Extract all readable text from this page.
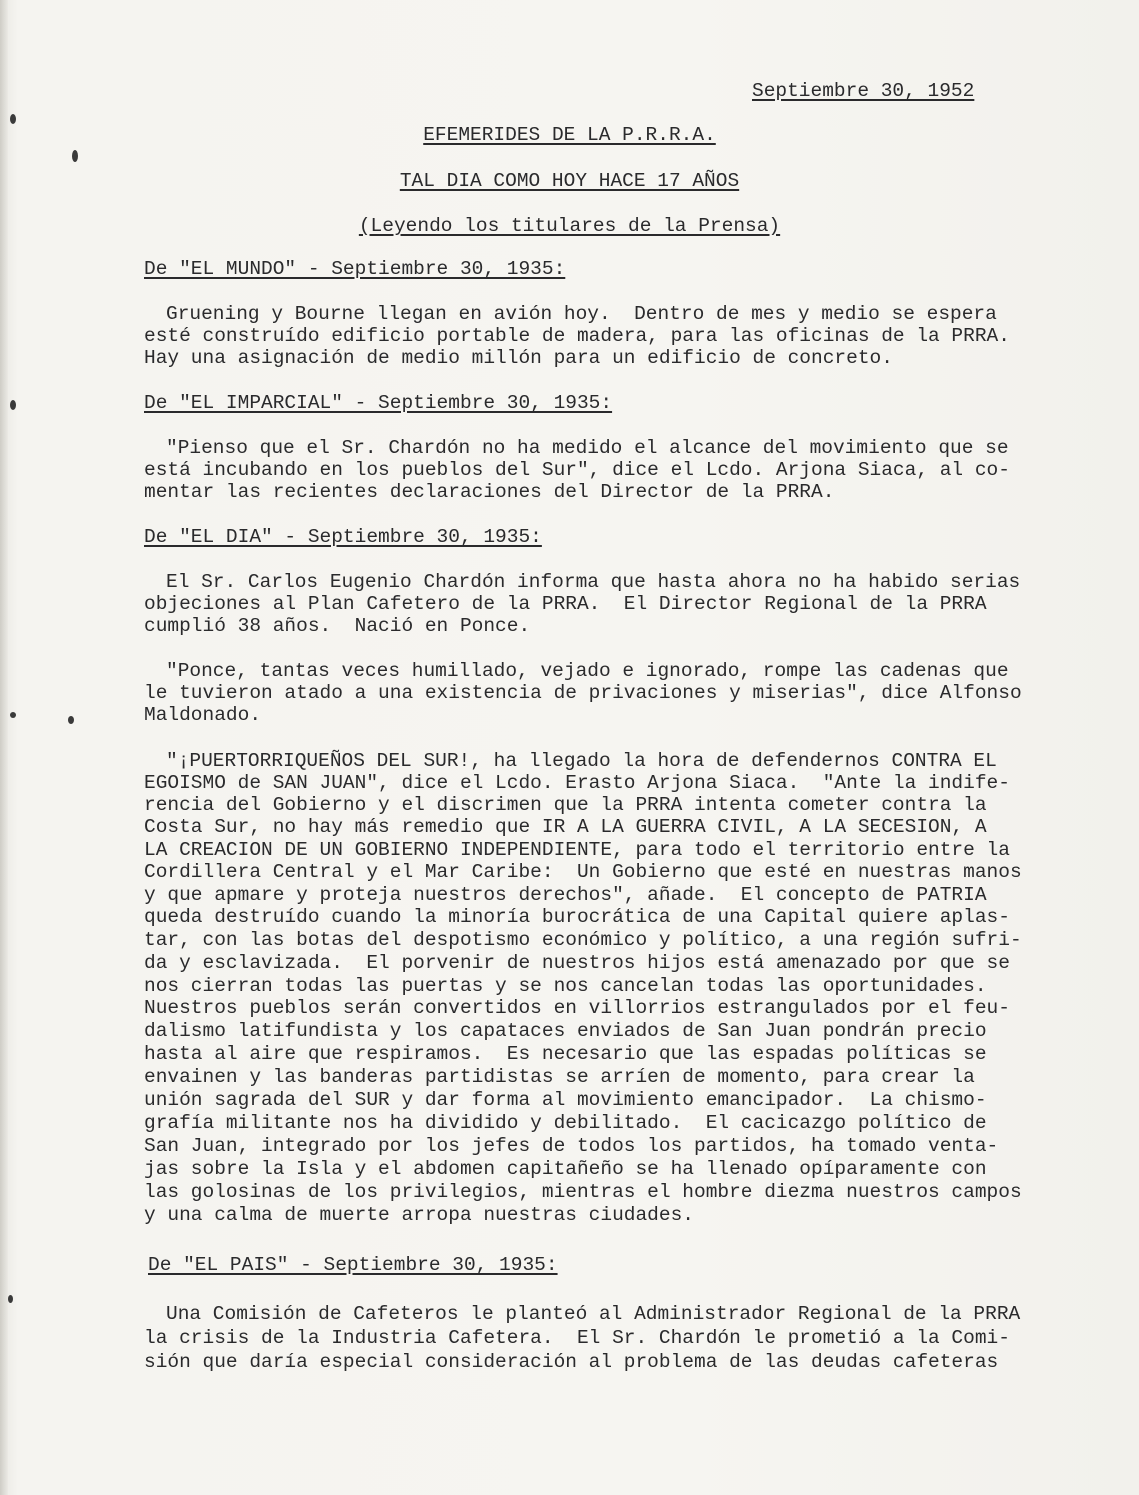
Septiembre 30, 1952
EFEMERIDES DE LA P.R.R.A.
TAL DIA COMO HOY HACE 17 AÑOS
(Leyendo los titulares de la Prensa)
De "EL MUNDO" - Septiembre 30, 1935:
Gruening y Bourne llegan en avión hoy.  Dentro de mes y medio se espera
esté construído edificio portable de madera, para las oficinas de la PRRA.
Hay una asignación de medio millón para un edificio de concreto.
De "EL IMPARCIAL" - Septiembre 30, 1935:
"Pienso que el Sr. Chardón no ha medido el alcance del movimiento que se
está incubando en los pueblos del Sur", dice el Lcdo. Arjona Siaca, al co-
mentar las recientes declaraciones del Director de la PRRA.
De "EL DIA" - Septiembre 30, 1935:
El Sr. Carlos Eugenio Chardón informa que hasta ahora no ha habido serias
objeciones al Plan Cafetero de la PRRA.  El Director Regional de la PRRA
cumplió 38 años.  Nació en Ponce.
"Ponce, tantas veces humillado, vejado e ignorado, rompe las cadenas que
le tuvieron atado a una existencia de privaciones y miserias", dice Alfonso
Maldonado.
"¡PUERTORRIQUEÑOS DEL SUR!, ha llegado la hora de defendernos CONTRA EL
EGOISMO de SAN JUAN", dice el Lcdo. Erasto Arjona Siaca.  "Ante la indife-
rencia del Gobierno y el discrimen que la PRRA intenta cometer contra la
Costa Sur, no hay más remedio que IR A LA GUERRA CIVIL, A LA SECESION, A
LA CREACION DE UN GOBIERNO INDEPENDIENTE, para todo el territorio entre la
Cordillera Central y el Mar Caribe:  Un Gobierno que esté en nuestras manos
y que apmare y proteja nuestros derechos", añade.  El concepto de PATRIA
queda destruído cuando la minoría burocrática de una Capital quiere aplas-
tar, con las botas del despotismo económico y político, a una región sufri-
da y esclavizada.  El porvenir de nuestros hijos está amenazado por que se
nos cierran todas las puertas y se nos cancelan todas las oportunidades.
Nuestros pueblos serán convertidos en villorrios estrangulados por el feu-
dalismo latifundista y los capataces enviados de San Juan pondrán precio
hasta al aire que respiramos.  Es necesario que las espadas políticas se
envainen y las banderas partidistas se arríen de momento, para crear la
unión sagrada del SUR y dar forma al movimiento emancipador.  La chismo-
grafía militante nos ha dividido y debilitado.  El cacicazgo político de
San Juan, integrado por los jefes de todos los partidos, ha tomado venta-
jas sobre la Isla y el abdomen capitañeño se ha llenado opíparamente con
las golosinas de los privilegios, mientras el hombre diezma nuestros campos
y una calma de muerte arropa nuestras ciudades.
De "EL PAIS" - Septiembre 30, 1935:
Una Comisión de Cafeteros le planteó al Administrador Regional de la PRRA
la crisis de la Industria Cafetera.  El Sr. Chardón le prometió a la Comi-
sión que daría especial consideración al problema de las deudas cafeteras
